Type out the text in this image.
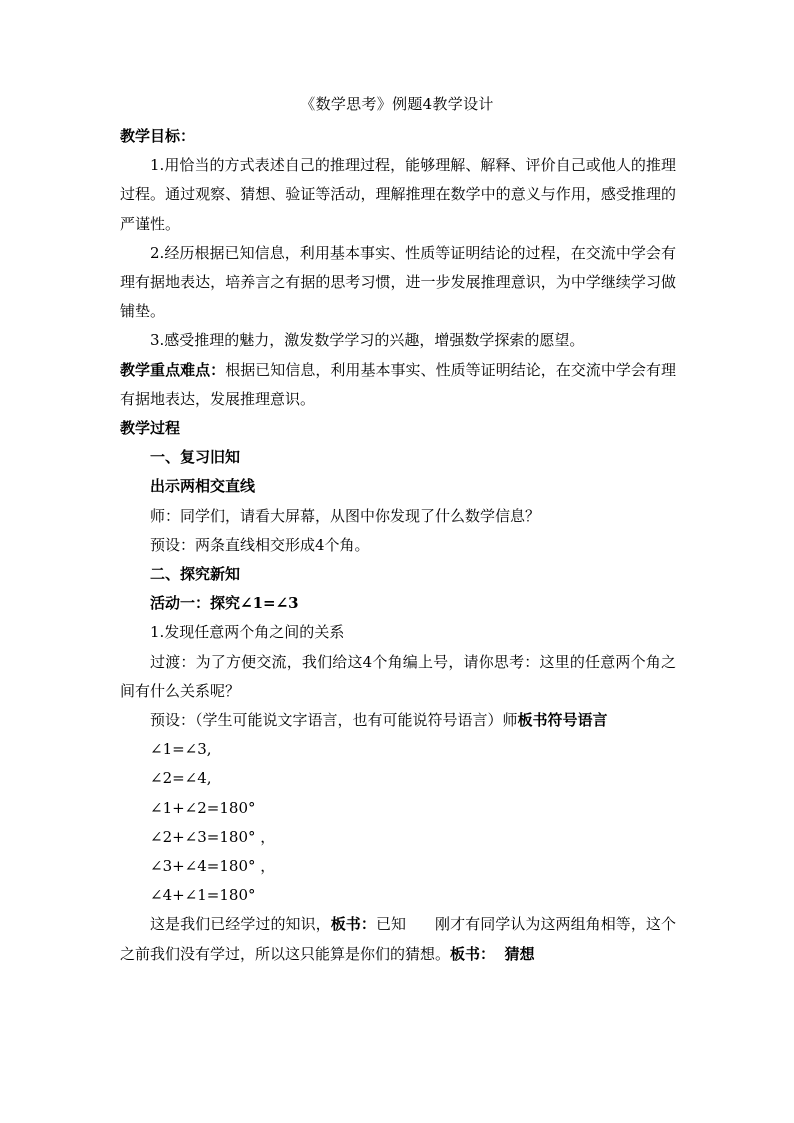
《数学思考》例题4教学设计

教学目标：

1.用恰当的方式表述自己的推理过程，能够理解、解释、评价自己或他人的推理过程。通过观察、猜想、验证等活动，理解推理在数学中的意义与作用，感受推理的严谨性。

2.经历根据已知信息，利用基本事实、性质等证明结论的过程，在交流中学会有理有据地表达，培养言之有据的思考习惯，进一步发展推理意识，为中学继续学习做铺垫。

3.感受推理的魅力，激发数学学习的兴趣，增强数学探索的愿望。

教学重点难点：根据已知信息，利用基本事实、性质等证明结论，在交流中学会有理有据地表达，发展推理意识。

教学过程

一、复习旧知

出示两相交直线

师：同学们，请看大屏幕，从图中你发现了什么数学信息？

预设：两条直线相交形成4个角。

二、探究新知

活动一：探究∠1=∠3

1.发现任意两个角之间的关系

过渡：为了方便交流，我们给这4个角编上号，请你思考：这里的任意两个角之间有什么关系呢？

预设：（学生可能说文字语言，也有可能说符号语言）师板书符号语言

∠1=∠3,

∠2=∠4,

∠1+∠2=180°

∠2+∠3=180° ，

∠3+∠4=180° ，

∠4+∠1=180°

这是我们已经学过的知识，板书：已知 刚才有同学认为这两组角相等，这个之前我们没有学过，所以这只能算是你们的猜想。板书： 猜想
